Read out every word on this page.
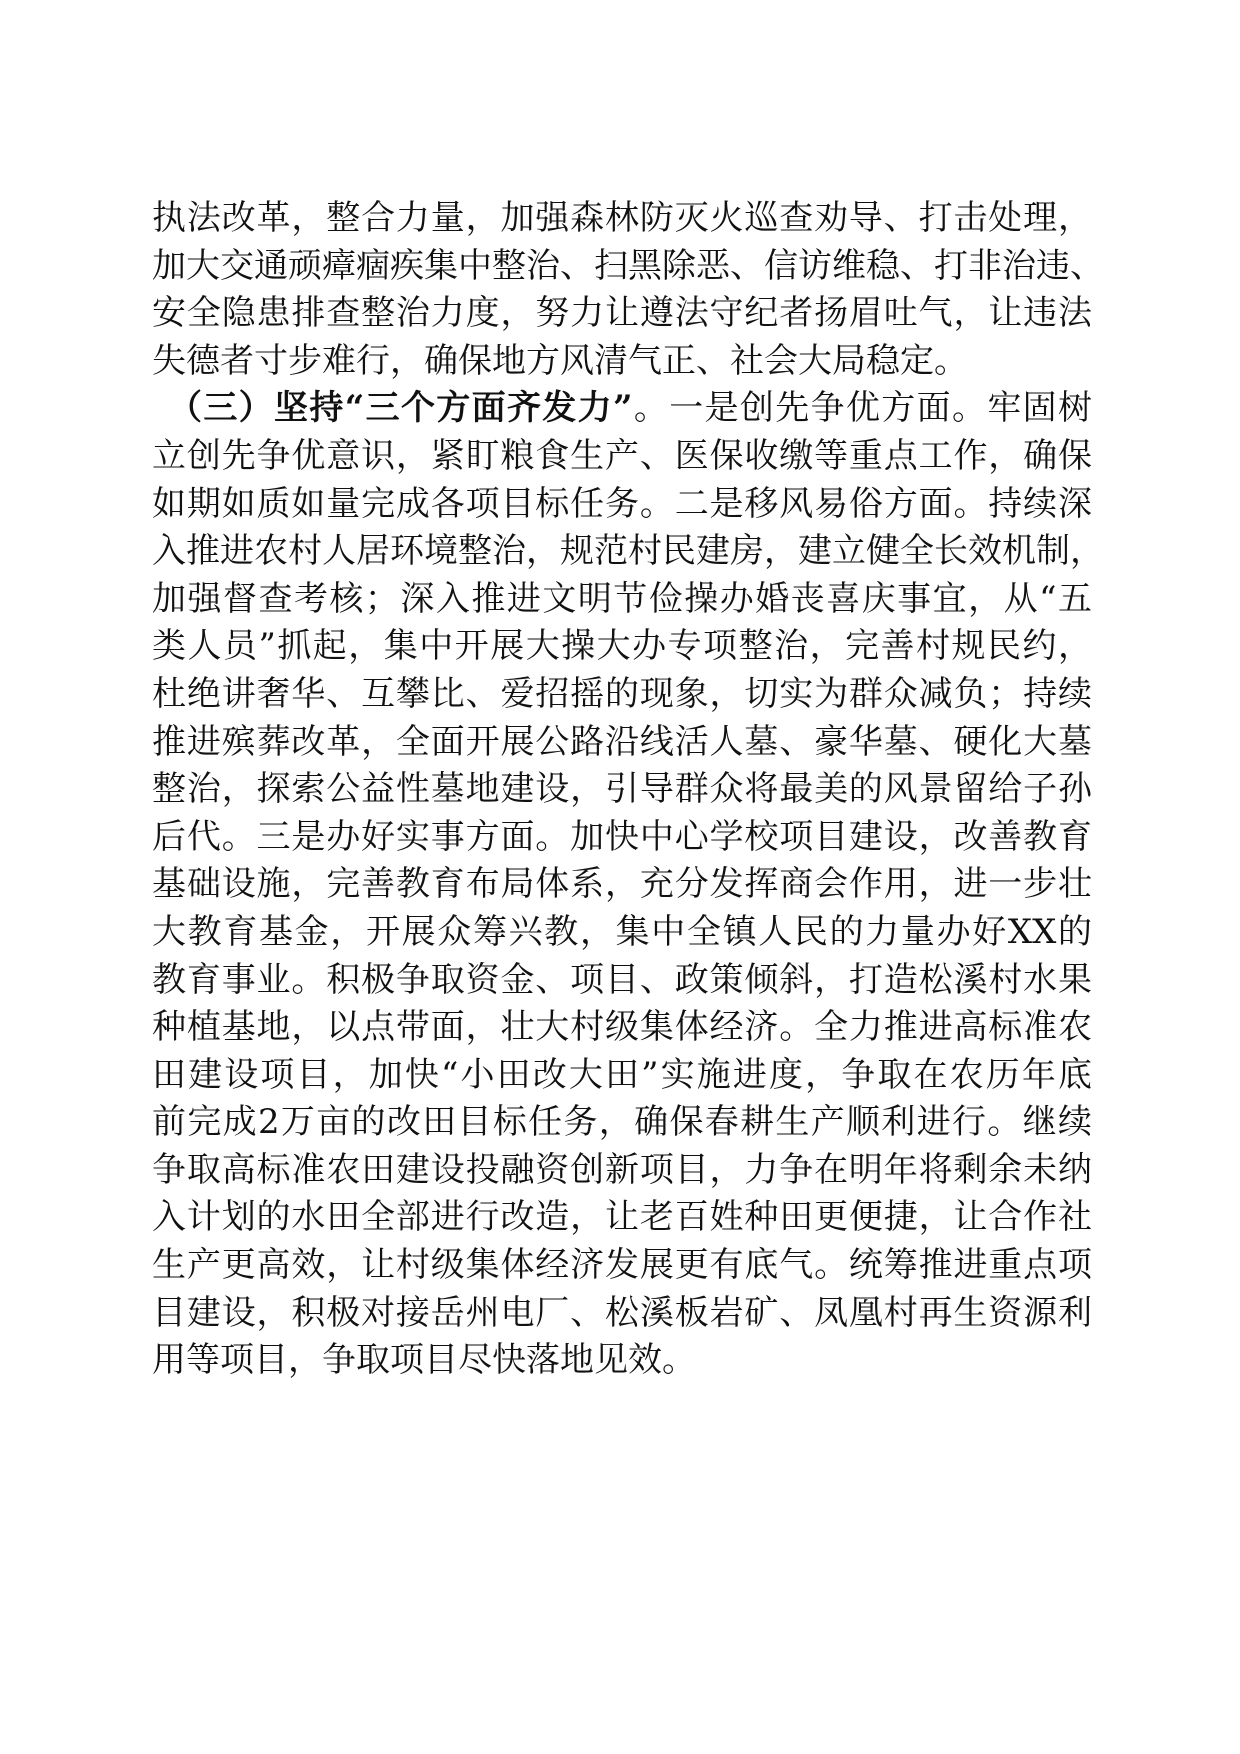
执法改革，整合力量，加强森林防灭火巡查劝导、打击处理，
加大交通顽瘴痼疾集中整治、扫黑除恶、信访维稳、打非治违、
安全隐患排查整治力度，努力让遵法守纪者扬眉吐气，让违法
失德者寸步难行，确保地方风清气正、社会大局稳定。
（三）坚持“三个方面齐发力”。一是创先争优方面。牢固树
立创先争优意识，紧盯粮食生产、医保收缴等重点工作，确保
如期如质如量完成各项目标任务。二是移风易俗方面。持续深
入推进农村人居环境整治，规范村民建房，建立健全长效机制，
加强督查考核；深入推进文明节俭操办婚丧喜庆事宜，从“五
类人员”抓起，集中开展大操大办专项整治，完善村规民约，
杜绝讲奢华、互攀比、爱招摇的现象，切实为群众减负；持续
推进殡葬改革，全面开展公路沿线活人墓、豪华墓、硬化大墓
整治，探索公益性墓地建设，引导群众将最美的风景留给子孙
后代。三是办好实事方面。加快中心学校项目建设，改善教育
基础设施，完善教育布局体系，充分发挥商会作用，进一步壮
大教育基金，开展众筹兴教，集中全镇人民的力量办好XX的
教育事业。积极争取资金、项目、政策倾斜，打造松溪村水果
种植基地，以点带面，壮大村级集体经济。全力推进高标准农
田建设项目，加快“小田改大田”实施进度，争取在农历年底
前完成2万亩的改田目标任务，确保春耕生产顺利进行。继续
争取高标准农田建设投融资创新项目，力争在明年将剩余未纳
入计划的水田全部进行改造，让老百姓种田更便捷，让合作社
生产更高效，让村级集体经济发展更有底气。统筹推进重点项
目建设，积极对接岳州电厂、松溪板岩矿、凤凰村再生资源利
用等项目，争取项目尽快落地见效。
